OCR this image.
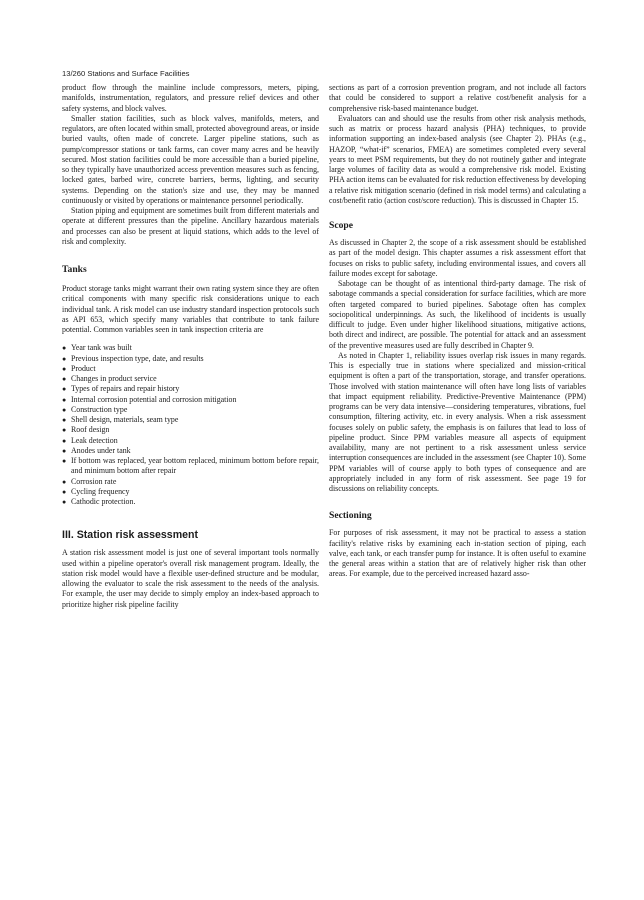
13/260 Stations and Surface Facilities

product flow through the mainline include compressors, meters, piping, manifolds, instrumentation, regulators, and pressure relief devices and other safety systems, and block valves.

Smaller station facilities, such as block valves, manifolds, meters, and regulators, are often located within small, protected aboveground areas, or inside buried vaults, often made of concrete. Larger pipeline stations, such as pump/compressor stations or tank farms, can cover many acres and be heavily secured. Most station facilities could be more accessible than a buried pipeline, so they typically have unauthorized access prevention measures such as fencing, locked gates, barbed wire, concrete barriers, berms, lighting, and security systems. Depending on the station's size and use, they may be manned continuously or visited by operations or maintenance personnel periodically.

Station piping and equipment are sometimes built from different materials and operate at different pressures than the pipeline. Ancillary hazardous materials and processes can also be present at liquid stations, which adds to the level of risk and complexity.

Tanks

Product storage tanks might warrant their own rating system since they are often critical components with many specific risk considerations unique to each individual tank. A risk model can use industry standard inspection protocols such as API 653, which specify many variables that contribute to tank failure potential. Common variables seen in tank inspection criteria are

● Year tank was built
● Previous inspection type, date, and results
● Product
● Changes in product service
● Types of repairs and repair history
● Internal corrosion potential and corrosion mitigation
● Construction type
● Shell design, materials, seam type
● Roof design
● Leak detection
● Anodes under tank
● If bottom was replaced, year bottom replaced, minimum bottom before repair, and minimum bottom after repair
● Corrosion rate
● Cycling frequency
● Cathodic protection.
III. Station risk assessment

A station risk assessment model is just one of several important tools normally used within a pipeline operator's overall risk management program. Ideally, the station risk model would have a flexible user-defined structure and be modular, allowing the evaluator to scale the risk assessment to the needs of the analysis. For example, the user may decide to simply employ an index-based approach to prioritize higher risk pipeline facility

sections as part of a corrosion prevention program, and not include all factors that could be considered to support a relative cost/benefit analysis for a comprehensive risk-based maintenance budget.

Evaluators can and should use the results from other risk analysis methods, such as matrix or process hazard analysis (PHA) techniques, to provide information supporting an index-based analysis (see Chapter 2). PHAs (e.g., HAZOP, “what-if” scenarios, FMEA) are sometimes completed every several years to meet PSM requirements, but they do not routinely gather and integrate large volumes of facility data as would a comprehensive risk model. Existing PHA action items can be evaluated for risk reduction effectiveness by developing a relative risk mitigation scenario (defined in risk model terms) and calculating a cost/benefit ratio (action cost/score reduction). This is discussed in Chapter 15.

Scope

As discussed in Chapter 2, the scope of a risk assessment should be established as part of the model design. This chapter assumes a risk assessment effort that focuses on risks to public safety, including environmental issues, and covers all failure modes except for sabotage.

Sabotage can be thought of as intentional third-party damage. The risk of sabotage commands a special consideration for surface facilities, which are more often targeted compared to buried pipelines. Sabotage often has complex sociopolitical underpinnings. As such, the likelihood of incidents is usually difficult to judge. Even under higher likelihood situations, mitigative actions, both direct and indirect, are possible. The potential for attack and an assessment of the preventive measures used are fully described in Chapter 9.

As noted in Chapter 1, reliability issues overlap risk issues in many regards. This is especially true in stations where specialized and mission-critical equipment is often a part of the transportation, storage, and transfer operations. Those involved with station maintenance will often have long lists of variables that impact equipment reliability. Predictive-Preventive Maintenance (PPM) programs can be very data intensive—considering temperatures, vibrations, fuel consumption, filtering activity, etc. in every analysis. When a risk assessment focuses solely on public safety, the emphasis is on failures that lead to loss of pipeline product. Since PPM variables measure all aspects of equipment availability, many are not pertinent to a risk assessment unless service interruption consequences are included in the assessment (see Chapter 10). Some PPM variables will of course apply to both types of consequence and are appropriately included in any form of risk assessment. See page 19 for discussions on reliability concepts.

Sectioning

For purposes of risk assessment, it may not be practical to assess a station facility's relative risks by examining each in-station section of piping, each valve, each tank, or each transfer pump for instance. It is often useful to examine the general areas within a station that are of relatively higher risk than other areas. For example, due to the perceived increased hazard asso-
